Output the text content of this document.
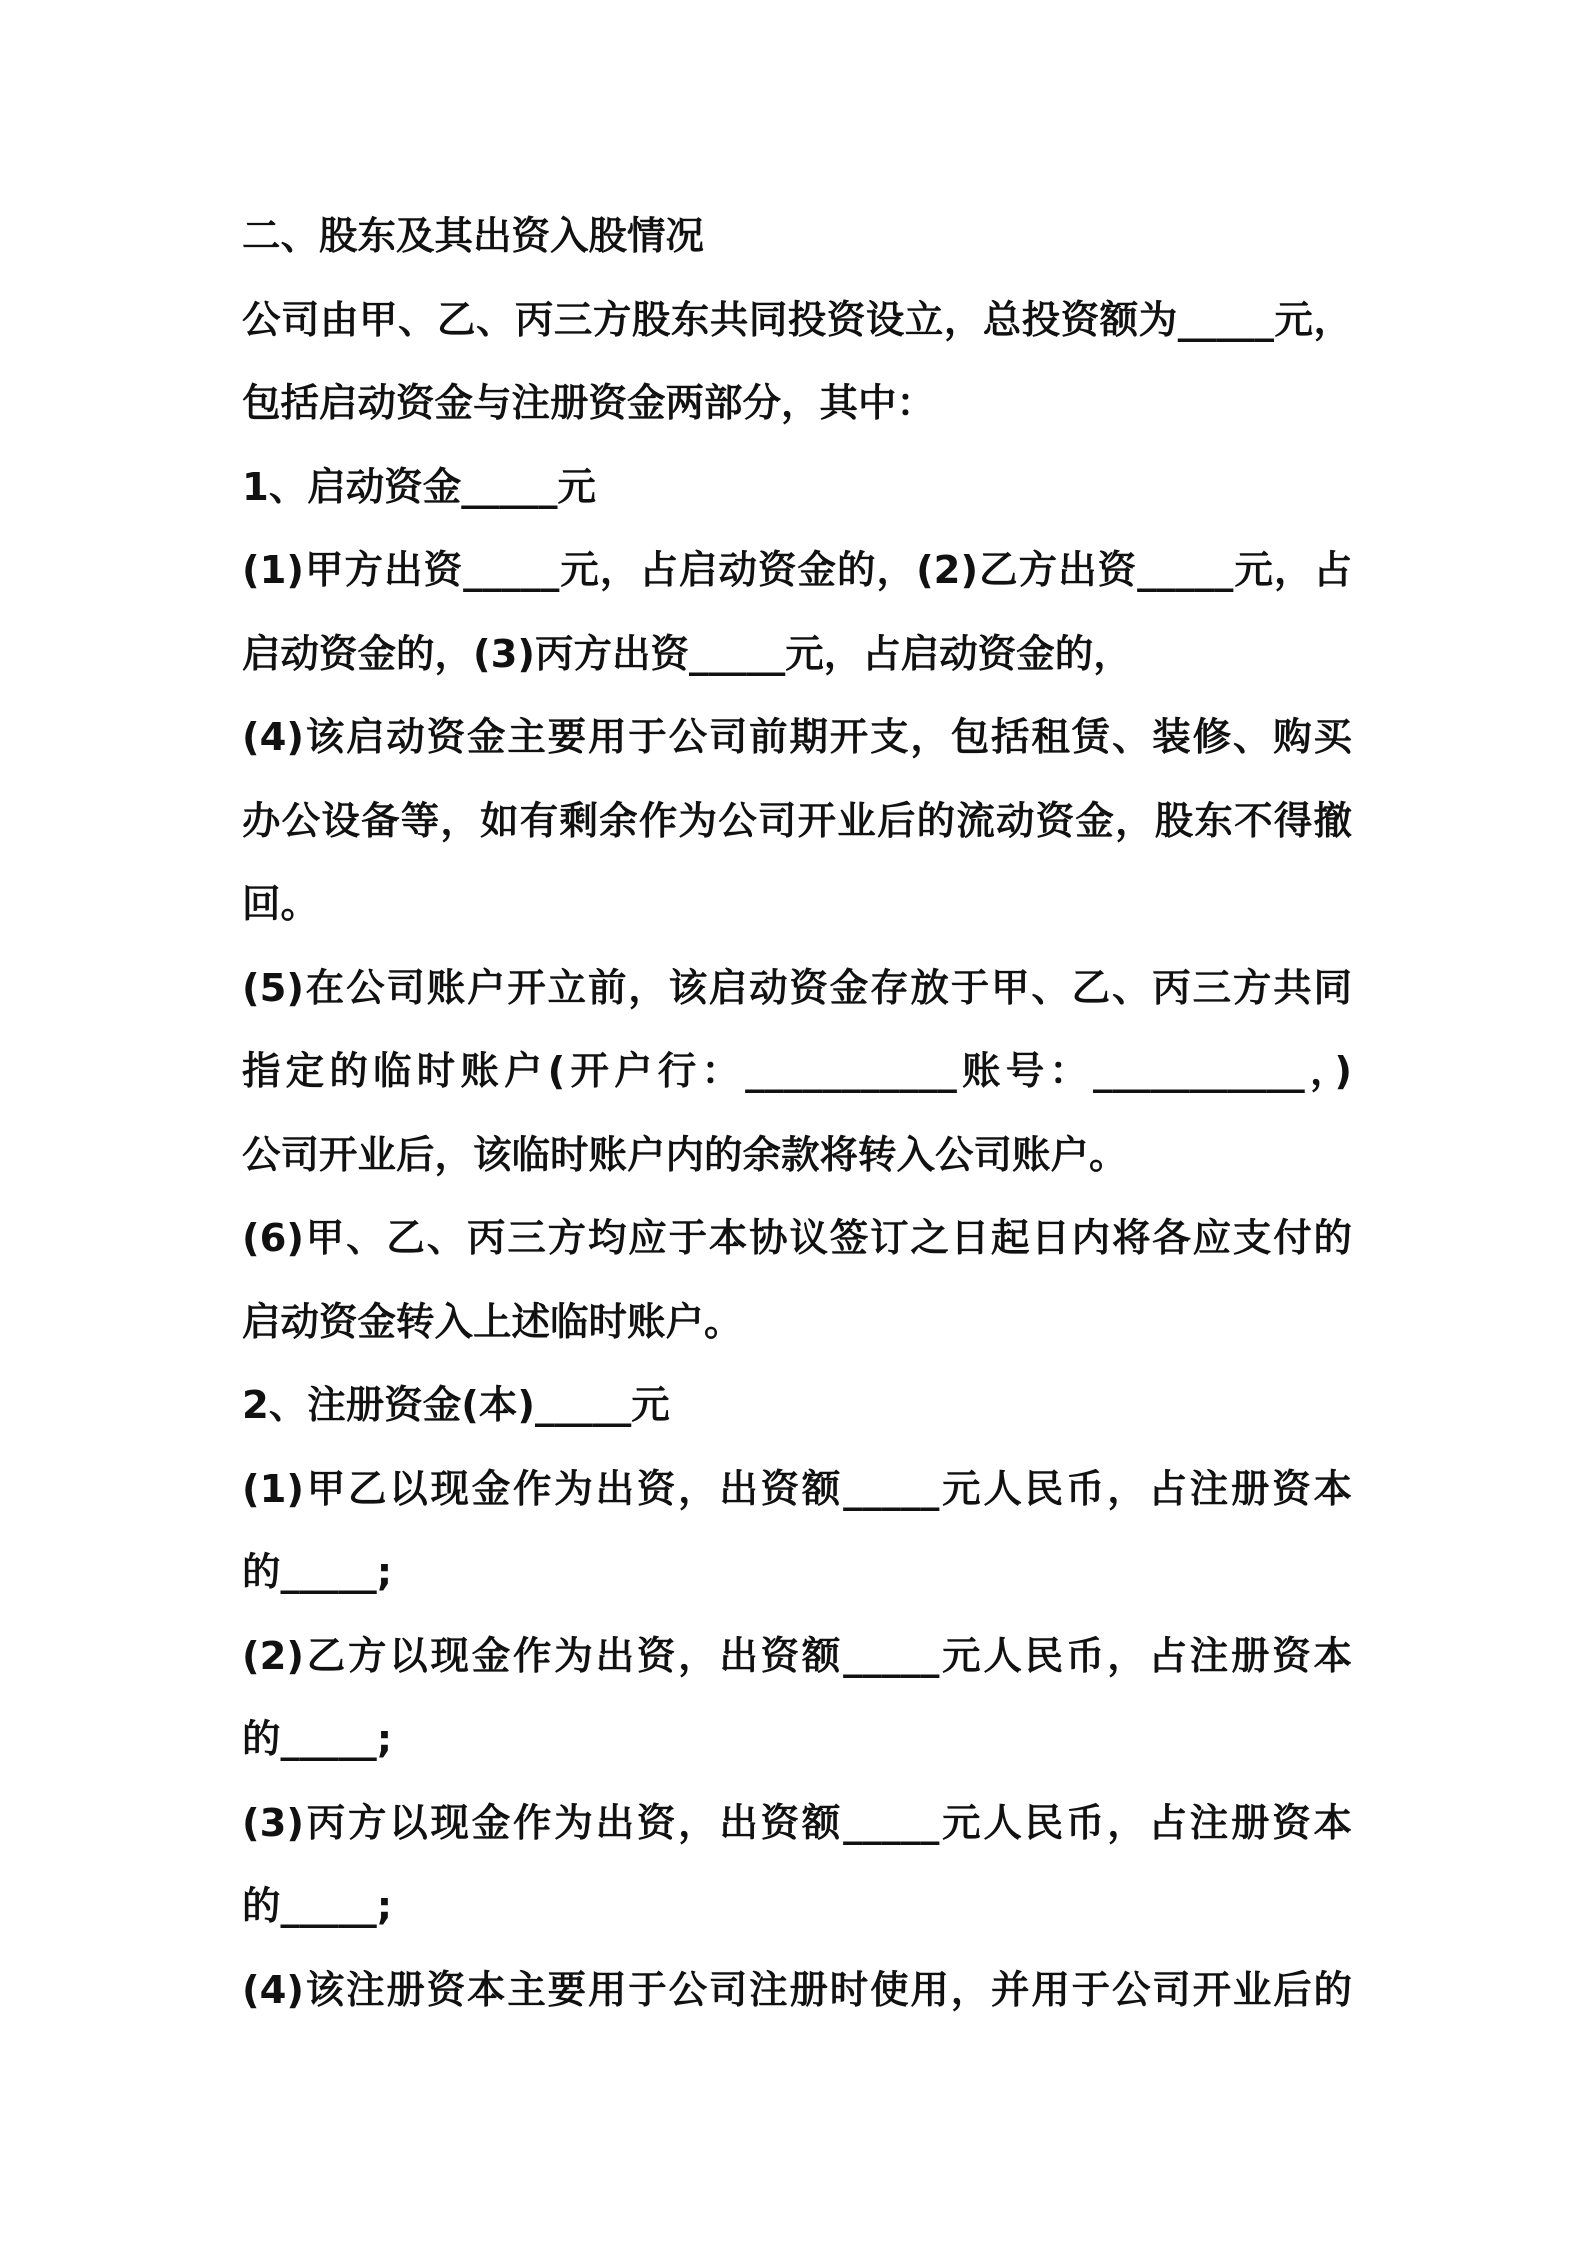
二、股东及其出资入股情况
公司由甲、乙、丙三方股东共同投资设立，总投资额为_____元，
包括启动资金与注册资金两部分，其中：
1、启动资金_____元
(1)甲方出资_____元，占启动资金的，(2)乙方出资_____元，占
启动资金的，(3)丙方出资_____元，占启动资金的，
(4)该启动资金主要用于公司前期开支，包括租赁、装修、购买
办公设备等，如有剩余作为公司开业后的流动资金，股东不得撤
回。
(5)在公司账户开立前，该启动资金存放于甲、乙、丙三方共同
指定的临时账户(开户行：___________账号：___________，)
公司开业后，该临时账户内的余款将转入公司账户。
(6)甲、乙、丙三方均应于本协议签订之日起日内将各应支付的
启动资金转入上述临时账户。
2、注册资金(本)_____元
(1)甲乙以现金作为出资，出资额_____元人民币，占注册资本
的_____;
(2)乙方以现金作为出资，出资额_____元人民币，占注册资本
的_____;
(3)丙方以现金作为出资，出资额_____元人民币，占注册资本
的_____;
(4)该注册资本主要用于公司注册时使用，并用于公司开业后的
